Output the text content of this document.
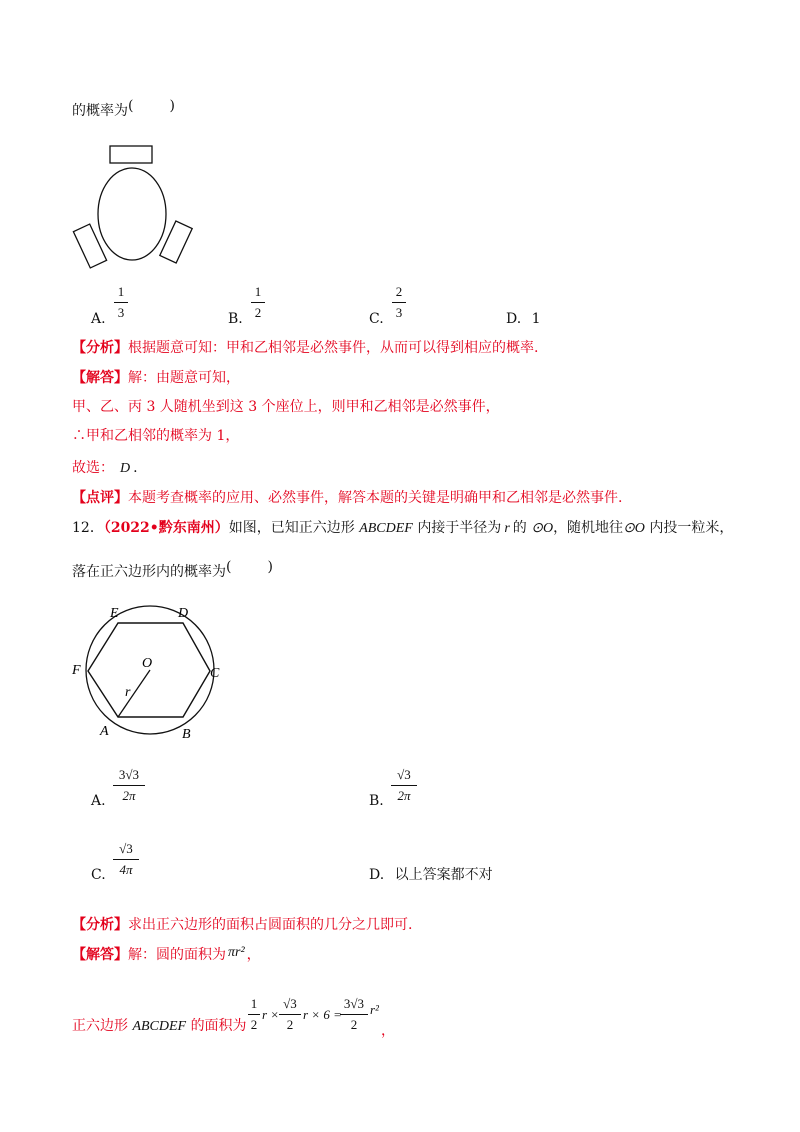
的概率为(	)
A.
1
3	B.
1
2	C.
2
3	D. 1
【分析】根据题意可知：甲和乙相邻是必然事件，从而可以得到相应的概率.
【解答】解：由题意可知，
甲、乙、丙 3 人随机坐到这 3 个座位上，则甲和乙相邻是必然事件，
∴甲和乙相邻的概率为 1，
故选： D .
【点评】本题考查概率的应用、必然事件，解答本题的关键是明确甲和乙相邻是必然事件.
12．（2022•黔东南州）如图，已知正六边形 ABCDEF 内接于半径为 r 的 ⊙O，随机地往⊙O 内投一粒米，
落在正六边形内的概率为(	)
E	D
F	C
O
r
A	B
A.
3√3
2π	B.
√3
2π
C.
√3
4π	D. 以上答案都不对
【分析】求出正六边形的面积占圆面积的几分之几即可.
【解答】解：圆的面积为 πr² ，
正六边形 ABCDEF 的面积为
1
2
r ×
√3
2
r × 6 =
3√3
2
r²
，
